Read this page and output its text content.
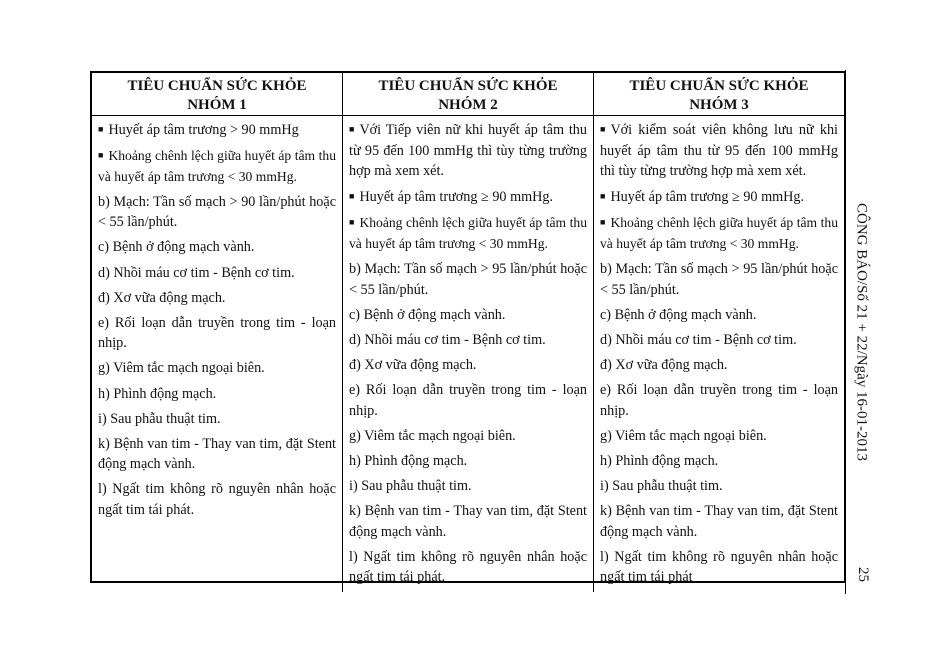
TIÊU CHUẨN SỨC KHỎE
NHÓM 1
TIÊU CHUẨN SỨC KHỎE
NHÓM 2
TIÊU CHUẨN SỨC KHỎE
NHÓM 3
■ Huyết áp tâm trương > 90 mmHg
■ Khoảng chênh lệch giữa huyết áp tâm thu và huyết áp tâm trương < 30 mmHg.
b) Mạch: Tần số mạch > 90 lần/phút hoặc < 55 lần/phút.
c) Bệnh ở động mạch vành.
d) Nhồi máu cơ tim - Bệnh cơ tim.
đ) Xơ vữa động mạch.
e) Rối loạn dẫn truyền trong tim - loạn nhịp.
g) Viêm tắc mạch ngoại biên.
h) Phình động mạch.
i) Sau phẫu thuật tim.
k) Bệnh van tim - Thay van tim, đặt Stent động mạch vành.
l) Ngất tim không rõ nguyên nhân hoặc ngất tim tái phát.
■ Với Tiếp viên nữ khi huyết áp tâm thu từ 95 đến 100 mmHg thì tùy từng trường hợp mà xem xét.
■ Huyết áp tâm trương ≥ 90 mmHg.
■ Khoảng chênh lệch giữa huyết áp tâm thu và huyết áp tâm trương < 30 mmHg.
b) Mạch: Tần số mạch > 95 lần/phút hoặc < 55 lần/phút.
c) Bệnh ở động mạch vành.
d) Nhồi máu cơ tim - Bệnh cơ tim.
đ) Xơ vữa động mạch.
e) Rối loạn dẫn truyền trong tim - loạn nhịp.
g) Viêm tắc mạch ngoại biên.
h) Phình động mạch.
i) Sau phẫu thuật tim.
k) Bệnh van tim - Thay van tim, đặt Stent động mạch vành.
l) Ngất tim không rõ nguyên nhân hoặc ngất tim tái phát.
■ Với kiểm soát viên không lưu nữ khi huyết áp tâm thu từ 95 đến 100 mmHg thì tùy từng trường hợp mà xem xét.
■ Huyết áp tâm trương ≥ 90 mmHg.
■ Khoảng chênh lệch giữa huyết áp tâm thu và huyết áp tâm trương < 30 mmHg.
b) Mạch: Tần số mạch > 95 lần/phút hoặc < 55 lần/phút.
c) Bệnh ở động mạch vành.
d) Nhồi máu cơ tim - Bệnh cơ tim.
đ) Xơ vữa động mạch.
e) Rối loạn dẫn truyền trong tim - loạn nhịp.
g) Viêm tắc mạch ngoại biên.
h) Phình động mạch.
i) Sau phẫu thuật tim.
k) Bệnh van tim - Thay van tim, đặt Stent động mạch vành.
l) Ngất tim không rõ nguyên nhân hoặc ngất tim tái phát
CÔNG BÁO/Số 21 + 22/Ngày 16-01-2013
25
